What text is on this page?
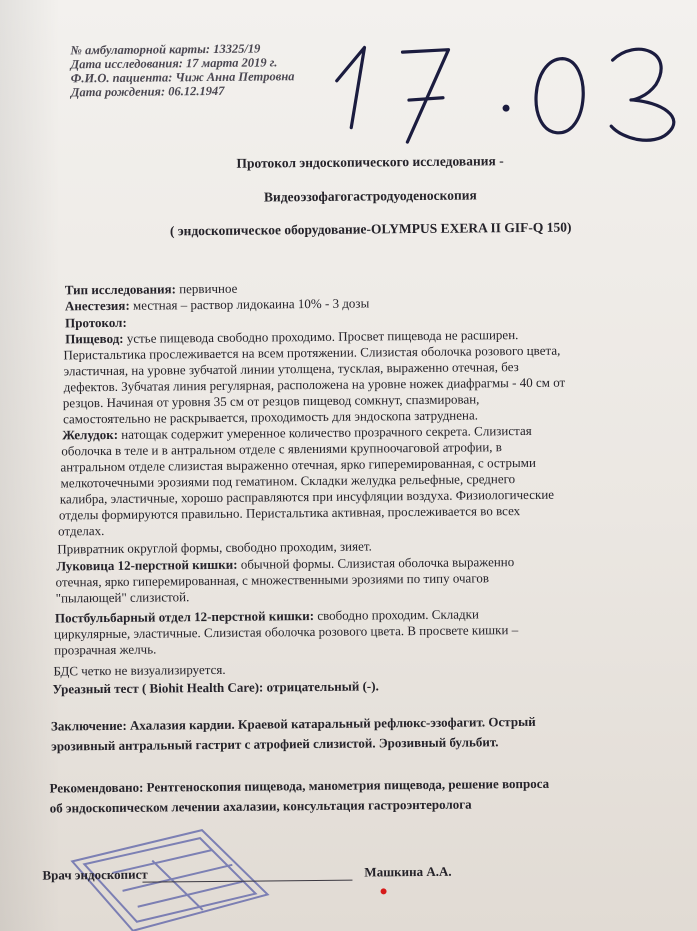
№ амбулаторной карты: 13325/19
Дата исследования: 17 марта 2019 г.
Ф.И.О. пациента: Чиж Анна Петровна
Дата рождения: 06.12.1947
Протокол эндоскопического исследования -
Видеоэзофагогастродуоденоскопия
( эндоскопическое оборудование-OLYMPUS EXERA II GIF-Q 150)
Тип исследования: первичное
Анестезия: местная – раствор лидокаина 10% - 3 дозы
Протокол:
Пищевод: устье пищевода свободно проходимо. Просвет пищевода не расширен.
Перистальтика прослеживается на всем протяжении. Слизистая оболочка розового цвета,
эластичная, на уровне зубчатой линии утолщена, тусклая, выраженно отечная, без
дефектов. Зубчатая линия регулярная, расположена на уровне ножек диафрагмы - 40 см от
резцов. Начиная от уровня 35 см от резцов пищевод сомкнут, спазмирован,
самостоятельно не раскрывается, проходимость для эндоскопа затруднена.
Желудок: натощак содержит умеренное количество прозрачного секрета. Слизистая
оболочка в теле и в антральном отделе с явлениями крупноочаговой атрофии, в
антральном отделе слизистая выраженно отечная, ярко гиперемированная, с острыми
мелкоточечными эрозиями под гематином. Складки желудка рельефные, среднего
калибра, эластичные, хорошо расправляются при инсуфляции воздуха. Физиологические
отделы формируются правильно. Перистальтика активная, прослеживается во всех
отделах.
Привратник округлой формы, свободно проходим, зияет.
Луковица 12-перстной кишки: обычной формы. Слизистая оболочка выраженно
отечная, ярко гиперемированная, с множественными эрозиями по типу очагов
"пылающей" слизистой.
Постбульбарный отдел 12-перстной кишки: свободно проходим. Складки
циркулярные, эластичные. Слизистая оболочка розового цвета. В просвете кишки –
прозрачная желчь.
БДС четко не визуализируется.
Уреазный тест ( Biohit Health Care): отрицательный (-).
Заключение: Ахалазия кардии. Краевой катаральный рефлюкс-эзофагит. Острый
эрозивный антральный гастрит с атрофией слизистой. Эрозивный бульбит.
Рекомендовано: Рентгеноскопия пищевода, манометрия пищевода, решение вопроса
об эндоскопическом лечении ахалазии, консультация гастроэнтеролога
Врач эндоскопист	Машкина А.А.
